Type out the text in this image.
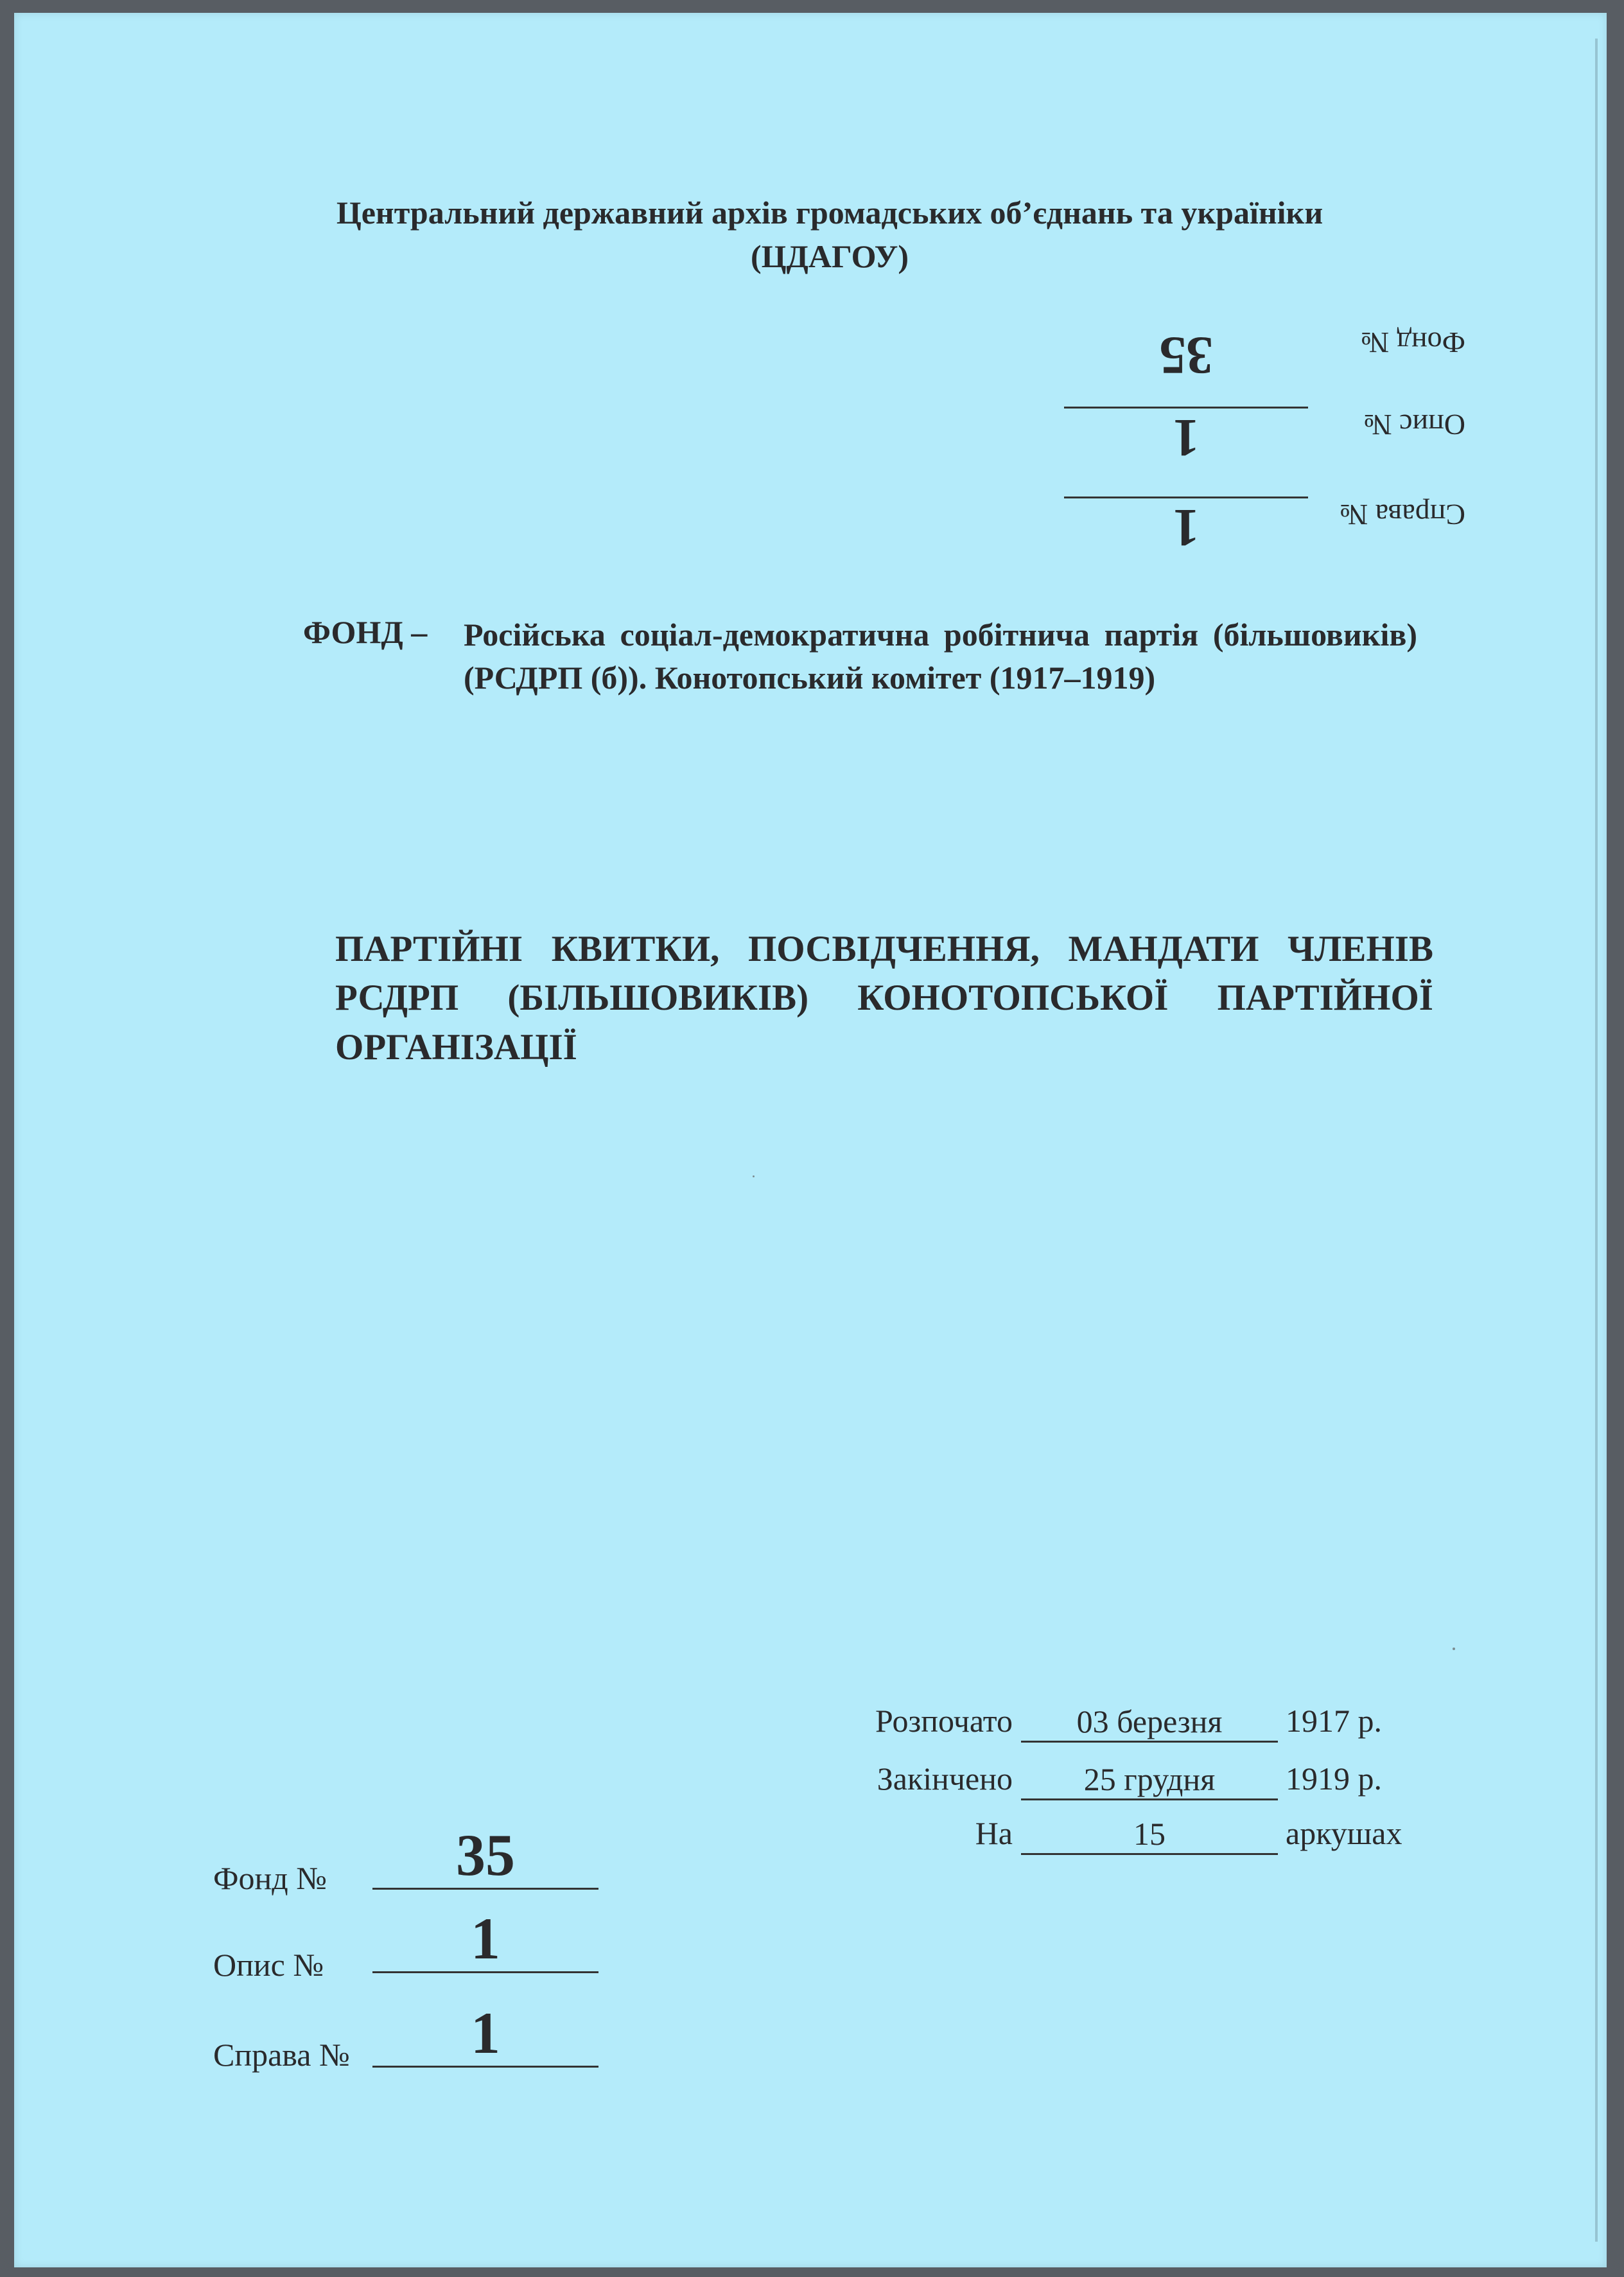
Центральний державний архів громадських об’єднань та україніки
(ЦДАГОУ)
Справа №
1
Опис №
1
Фонд №
35
ФОНД – Російська соціал-демократична робітнича партія (більшовиків) (РСДРП (б)). Конотопський комітет (1917–1919)
ПАРТІЙНІ КВИТКИ, ПОСВІДЧЕННЯ, МАНДАТИ ЧЛЕНІВ РСДРП (БІЛЬШОВИКІВ) КОНОТОПСЬКОЇ ПАРТІЙНОЇ ОРГАНІЗАЦІЇ
Розпочато	03 березня	1917 р.
Закінчено	25 грудня	1919 р.
На	15	аркушах
Фонд №	35
Опис №	1
Справа №	1
